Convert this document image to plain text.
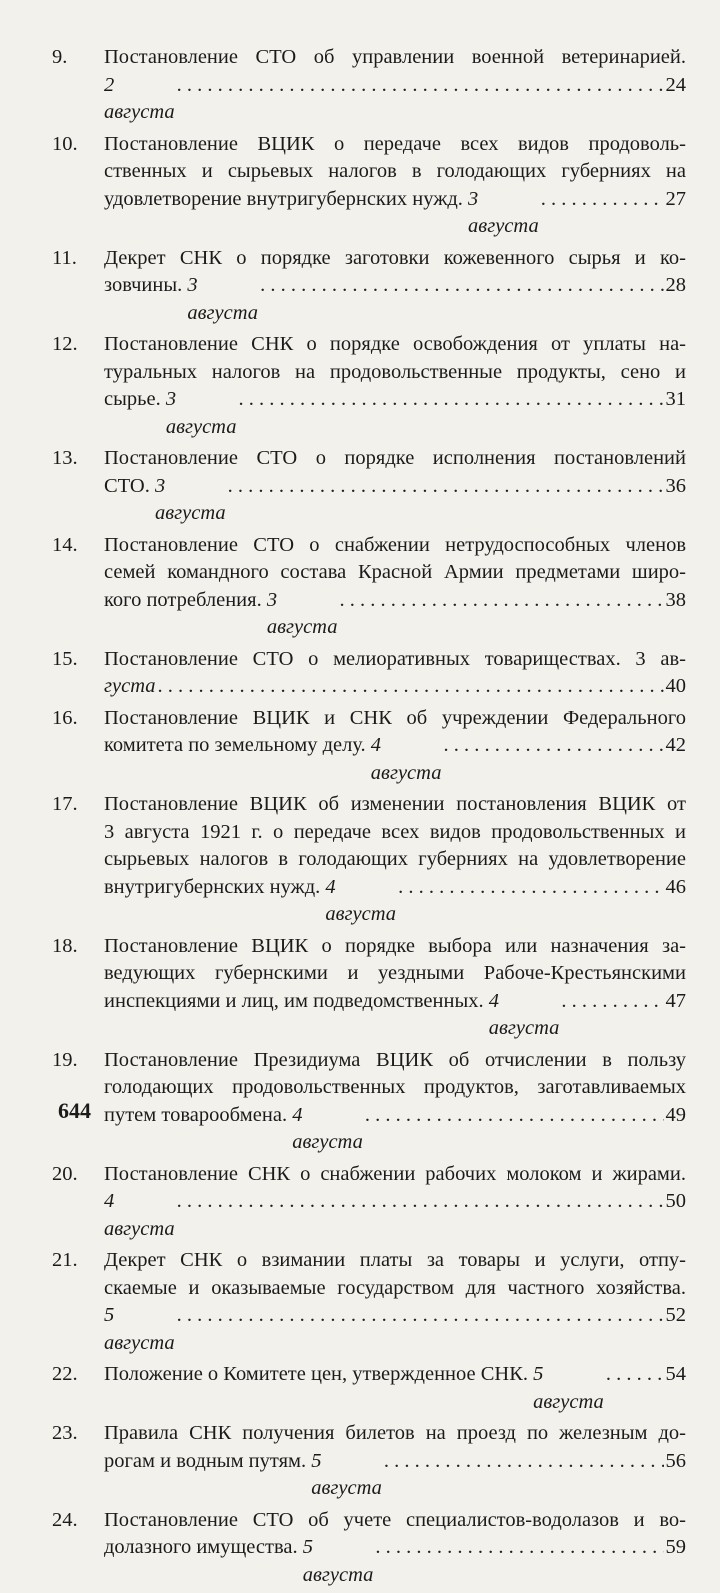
9.	Постановление СТО об управлении военной ветеринарией.
2 августа
. . .
24
10.	Постановление ВЦИК о передаче всех видов продоволь-
ственных и сырьевых налогов в голодающих губерниях на
удовлетворение внутригубернских нужд.
3 августа
. . .
27
11.	Декрет СНК о порядке заготовки кожевенного сырья и ко-
зовчины.
3 августа
. . .
28
12.	Постановление СНК о порядке освобождения от уплаты на-
туральных налогов на продовольственные продукты, сено и
сырье.
3 августа
. . .
31
13.	Постановление СТО о порядке исполнения постановлений
СТО.
3 августа
. . .
36
14.	Постановление СТО о снабжении нетрудоспособных членов
семей командного состава Красной Армии предметами широ-
кого потребления.
3 августа
. . .
38
15.	Постановление СТО о мелиоративных товариществах. 3 ав-
густа
. . .	40
16.	Постановление ВЦИК и СНК об учреждении Федерального
комитета по земельному делу.
4 августа
. . .
42
17.	Постановление ВЦИК об изменении постановления ВЦИК от
3 августа 1921 г. о передаче всех видов продовольственных и
сырьевых налогов в голодающих губерниях на удовлетворение
внутригубернских нужд.
4 августа
. . .
46
18.	Постановление ВЦИК о порядке выбора или назначения за-
ведующих губернскими и уездными Рабоче-Крестьянскими
инспекциями и лиц, им подведомственных.
4 августа
. . .
47
19.	Постановление Президиума ВЦИК об отчислении в пользу
голодающих продовольственных продуктов, заготавливаемых
путем товарообмена.
4 августа
. . .
49
20.	Постановление СНК о снабжении рабочих молоком и жирами.
4 августа
. . .
50
21.	Декрет СНК о взимании платы за товары и услуги, отпу-
скаемые и оказываемые государством для частного хозяйства.
5 августа
. . .
52
22.	Положение о Комитете цен, утвержденное СНК.
5 августа
. . .
54
23.	Правила СНК получения билетов на проезд по железным до-
рогам и водным путям.
5 августа
. . .
56
24.	Постановление СТО об учете специалистов-водолазов и во-
долазного имущества.
5 августа
. . .
59
644
